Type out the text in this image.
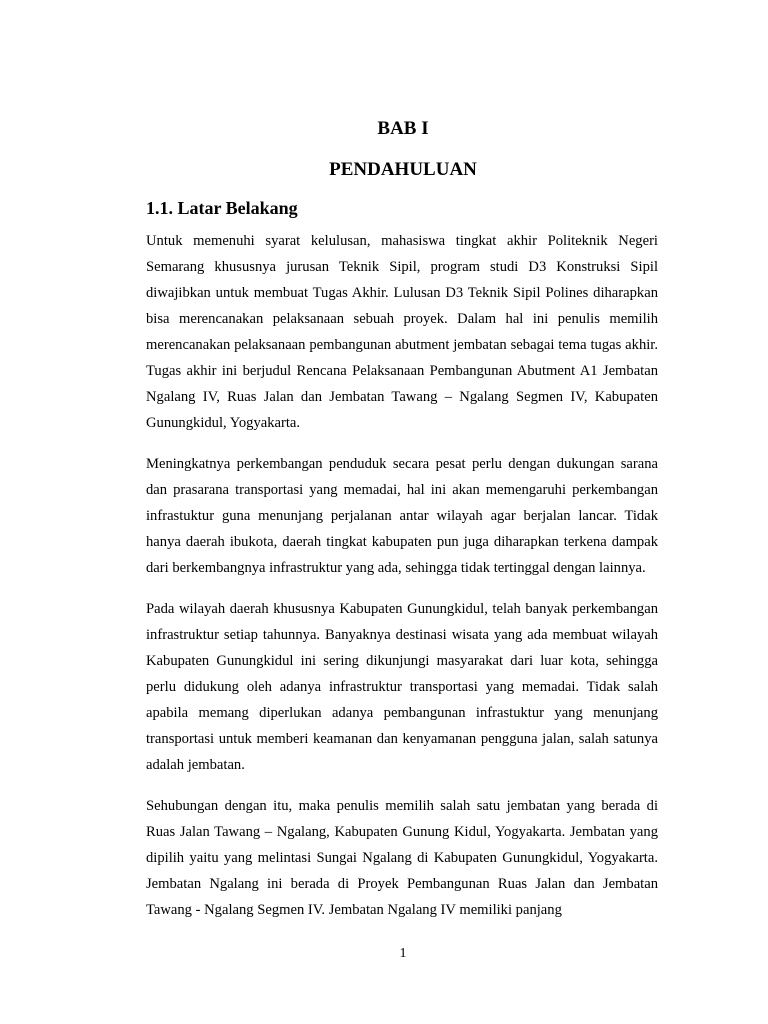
BAB I
PENDAHULUAN
1.1. Latar Belakang

Untuk memenuhi syarat kelulusan, mahasiswa tingkat akhir Politeknik Negeri Semarang khususnya jurusan Teknik Sipil, program studi D3 Konstruksi Sipil diwajibkan untuk membuat Tugas Akhir. Lulusan D3 Teknik Sipil Polines diharapkan bisa merencanakan pelaksanaan sebuah proyek. Dalam hal ini penulis memilih merencanakan pelaksanaan pembangunan abutment jembatan sebagai tema tugas akhir. Tugas akhir ini berjudul Rencana Pelaksanaan Pembangunan Abutment A1 Jembatan Ngalang IV, Ruas Jalan dan Jembatan Tawang – Ngalang Segmen IV, Kabupaten Gunungkidul, Yogyakarta.

Meningkatnya perkembangan penduduk secara pesat perlu dengan dukungan sarana dan prasarana transportasi yang memadai, hal ini akan memengaruhi perkembangan infrastuktur guna menunjang perjalanan antar wilayah agar berjalan lancar. Tidak hanya daerah ibukota, daerah tingkat kabupaten pun juga diharapkan terkena dampak dari berkembangnya infrastruktur yang ada, sehingga tidak tertinggal dengan lainnya.

Pada wilayah daerah khususnya Kabupaten Gunungkidul, telah banyak perkembangan infrastruktur setiap tahunnya. Banyaknya destinasi wisata yang ada membuat wilayah Kabupaten Gunungkidul ini sering dikunjungi masyarakat dari luar kota, sehingga perlu didukung oleh adanya infrastruktur transportasi yang memadai. Tidak salah apabila memang diperlukan adanya pembangunan infrastuktur yang menunjang transportasi untuk memberi keamanan dan kenyamanan pengguna jalan, salah satunya adalah jembatan.

Sehubungan dengan itu, maka penulis memilih salah satu jembatan yang berada di Ruas Jalan Tawang – Ngalang, Kabupaten Gunung Kidul, Yogyakarta. Jembatan yang dipilih yaitu yang melintasi Sungai Ngalang di Kabupaten Gunungkidul, Yogyakarta. Jembatan Ngalang ini berada di Proyek Pembangunan Ruas Jalan dan Jembatan Tawang - Ngalang Segmen IV. Jembatan Ngalang IV memiliki panjang

1
